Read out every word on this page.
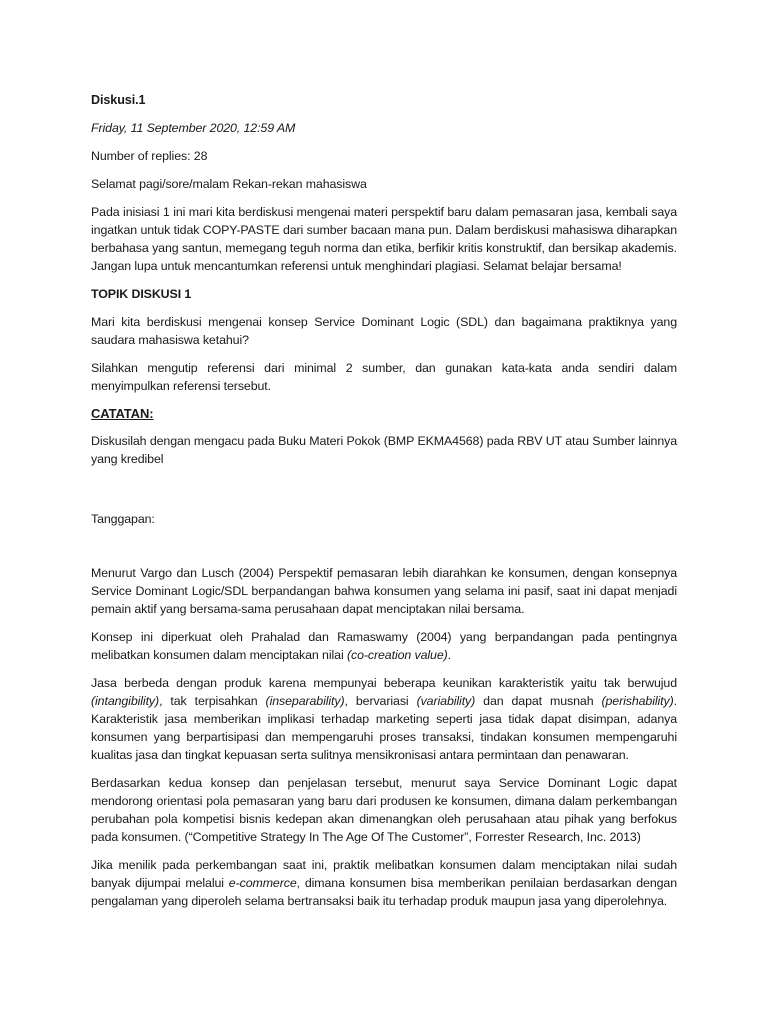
Diskusi.1
Friday, 11 September 2020, 12:59 AM
Number of replies: 28
Selamat pagi/sore/malam Rekan-rekan mahasiswa
Pada inisiasi 1 ini mari kita berdiskusi mengenai materi perspektif baru dalam pemasaran jasa, kembali saya ingatkan untuk tidak COPY-PASTE dari sumber bacaan mana pun. Dalam berdiskusi mahasiswa diharapkan berbahasa yang santun, memegang teguh norma dan etika, berfikir kritis konstruktif, dan bersikap akademis. Jangan lupa untuk mencantumkan referensi untuk menghindari plagiasi. Selamat belajar bersama!
TOPIK DISKUSI 1
Mari kita berdiskusi mengenai konsep Service Dominant Logic (SDL) dan bagaimana praktiknya yang saudara mahasiswa ketahui?
Silahkan mengutip referensi dari minimal 2 sumber, dan gunakan kata-kata anda sendiri dalam menyimpulkan referensi tersebut.
CATATAN:
Diskusilah dengan mengacu pada Buku Materi Pokok (BMP EKMA4568) pada RBV UT atau Sumber lainnya yang kredibel
Tanggapan:
Menurut Vargo dan Lusch (2004) Perspektif pemasaran lebih diarahkan ke konsumen, dengan konsepnya Service Dominant Logic/SDL berpandangan bahwa konsumen yang selama ini pasif, saat ini dapat menjadi pemain aktif yang bersama-sama perusahaan dapat menciptakan nilai bersama.
Konsep ini diperkuat oleh Prahalad dan Ramaswamy (2004) yang berpandangan pada pentingnya melibatkan konsumen dalam menciptakan nilai (co-creation value).
Jasa berbeda dengan produk karena mempunyai beberapa keunikan karakteristik yaitu tak berwujud (intangibility), tak terpisahkan (inseparability), bervariasi (variability) dan dapat musnah (perishability). Karakteristik jasa memberikan implikasi terhadap marketing seperti jasa tidak dapat disimpan, adanya konsumen yang berpartisipasi dan mempengaruhi proses transaksi, tindakan konsumen mempengaruhi kualitas jasa dan tingkat kepuasan serta sulitnya mensikronisasi antara permintaan dan penawaran.
Berdasarkan kedua konsep dan penjelasan tersebut, menurut saya Service Dominant Logic dapat mendorong orientasi pola pemasaran yang baru dari produsen ke konsumen, dimana dalam perkembangan perubahan pola kompetisi bisnis kedepan akan dimenangkan oleh perusahaan atau pihak yang berfokus pada konsumen. (“Competitive Strategy In The Age Of The Customer”, Forrester Research, Inc. 2013)
Jika menilik pada perkembangan saat ini, praktik melibatkan konsumen dalam menciptakan nilai sudah banyak dijumpai melalui e-commerce, dimana konsumen bisa memberikan penilaian berdasarkan dengan pengalaman yang diperoleh selama bertransaksi baik itu terhadap produk maupun jasa yang diperolehnya.
